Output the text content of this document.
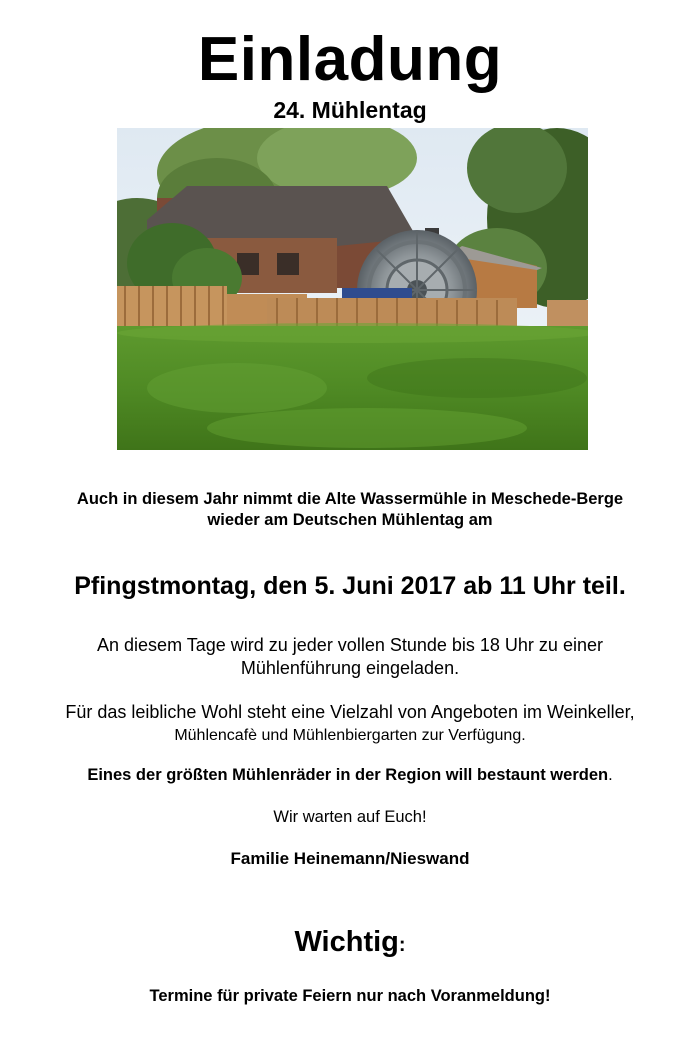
Einladung
24. Mühlentag
Auch in diesem Jahr nimmt die Alte Wassermühle in Meschede-Berge
wieder am Deutschen Mühlentag am
Pfingstmontag, den 5. Juni 2017 ab 11 Uhr teil.
An diesem Tage wird zu jeder vollen Stunde bis 18 Uhr zu einer
Mühlenführung eingeladen.
Für das leibliche Wohl steht eine Vielzahl von Angeboten im Weinkeller,
Mühlencafè und Mühlenbiergarten zur Verfügung.
Eines der größten Mühlenräder in der Region will bestaunt werden.
Wir warten auf Euch!
Familie Heinemann/Nieswand
Wichtig:
Termine für private Feiern nur nach Voranmeldung!
